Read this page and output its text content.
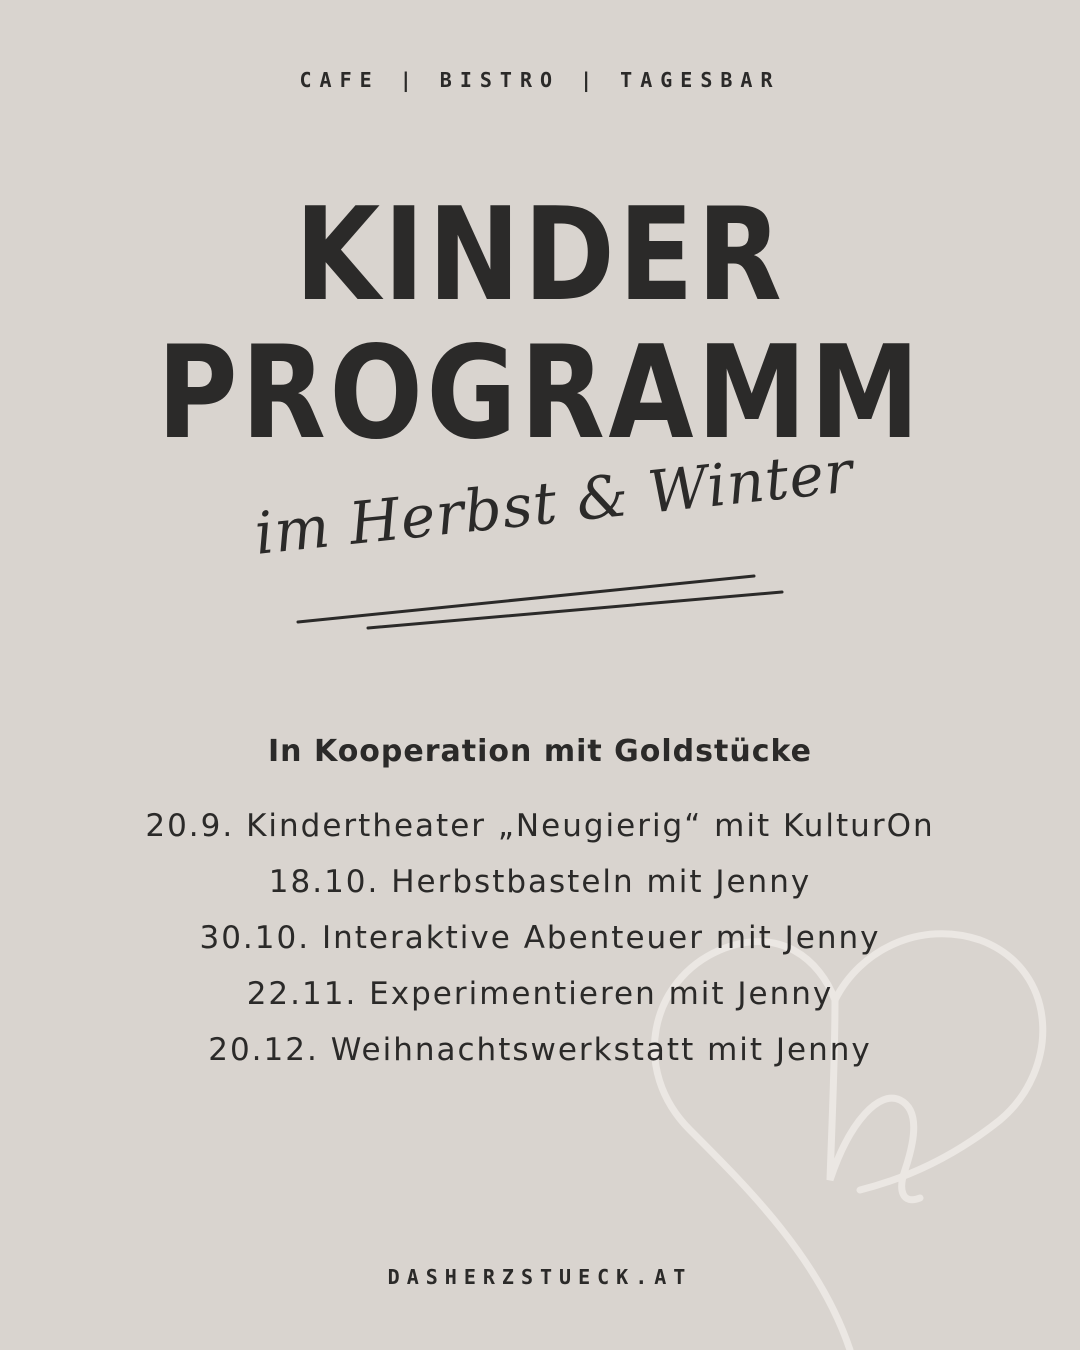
CAFE | BISTRO | TAGESBAR
KINDER
PROGRAMM
im Herbst & Winter
In Kooperation mit Goldstücke
20.9. Kindertheater „Neugierig“ mit KulturOn
18.10. Herbstbasteln mit Jenny
30.10. Interaktive Abenteuer mit Jenny
22.11. Experimentieren mit Jenny
20.12. Weihnachtswerkstatt mit Jenny
DASHERZSTUECK.AT
